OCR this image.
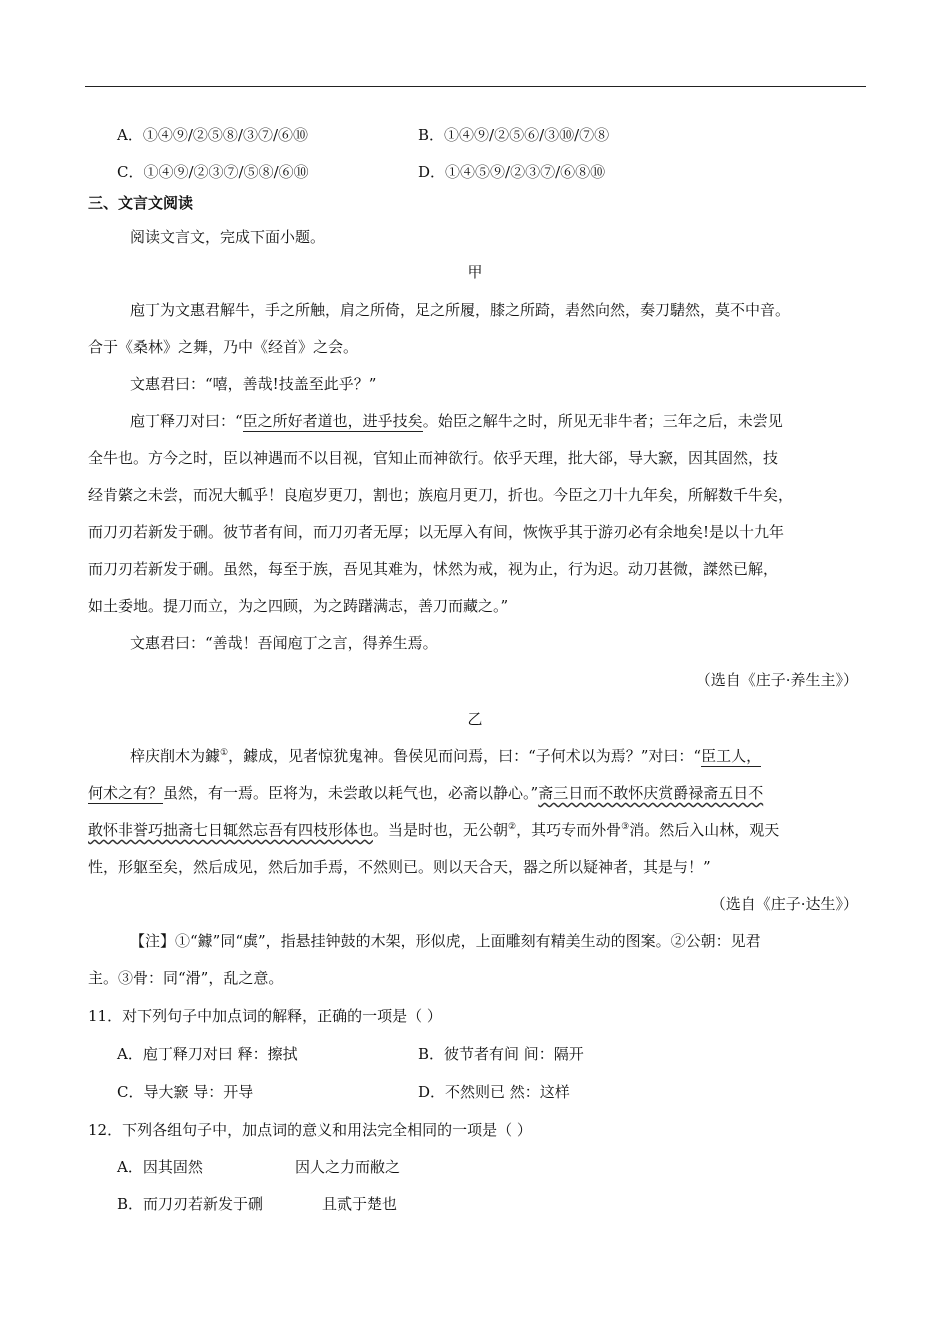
A．①④⑨/②⑤⑧/③⑦/⑥⑩	B．①④⑨/②⑤⑥/③⑩/⑦⑧
C．①④⑨/②③⑦/⑤⑧/⑥⑩	D．①④⑤⑨/②③⑦/⑥⑧⑩
三、文言文阅读
阅读文言文，完成下面小题。
甲
庖丁为文惠君解牛，手之所触，肩之所倚，足之所履，膝之所踦，砉然向然，奏刀騞然，莫不中音。
合于《桑林》之舞，乃中《经首》之会。
文惠君曰：“嘻，善哉!技盖至此乎？”
庖丁释刀对曰：“臣之所好者道也，进乎技矣。始臣之解牛之时，所见无非牛者；三年之后，未尝见
全牛也。方今之时，臣以神遇而不以目视，官知止而神欲行。依乎天理，批大郤，导大窾，因其固然，技
经肯綮之未尝，而况大軱乎！良庖岁更刀，割也；族庖月更刀，折也。今臣之刀十九年矣，所解数千牛矣，
而刀刃若新发于硎。彼节者有间，而刀刃者无厚；以无厚入有间，恢恢乎其于游刃必有余地矣!是以十九年
而刀刃若新发于硎。虽然，每至于族，吾见其难为，怵然为戒，视为止，行为迟。动刀甚微，謋然已解，
如土委地。提刀而立，为之四顾，为之踌躇满志，善刀而藏之。”
文惠君曰：“善哉！吾闻庖丁之言，得养生焉。
（选自《庄子·养生主》）
乙
梓庆削木为鐻①，鐻成，见者惊犹鬼神。鲁侯见而问焉，曰：“子何术以为焉？”对曰：“臣工人，
何术之有？虽然，有一焉。臣将为，未尝敢以耗气也，必斋以静心。”斋三日而不敢怀庆赏爵禄斋五日不
敢怀非誉巧拙斋七日辄然忘吾有四枝形体也。当是时也，无公朝②，其巧专而外骨③消。然后入山林，观天
性，形躯至矣，然后成见，然后加手焉，不然则已。则以天合天，器之所以疑神者，其是与！”
（选自《庄子·达生》）
【注】①“鐻”同“虡”，指悬挂钟鼓的木架，形似虎，上面雕刻有精美生动的图案。②公朝：见君
主。③骨：同“滑”，乱之意。
11．对下列句子中加点词的解释，正确的一项是（ ）
A．庖丁释刀对曰 释：擦拭	B．彼节者有间 间：隔开
C．导大窾 导：开导	D．不然则已 然：这样
12．下列各组句子中，加点词的意义和用法完全相同的一项是（ ）
A．因其固然	因人之力而敝之
B．而刀刃若新发于硎	且贰于楚也
